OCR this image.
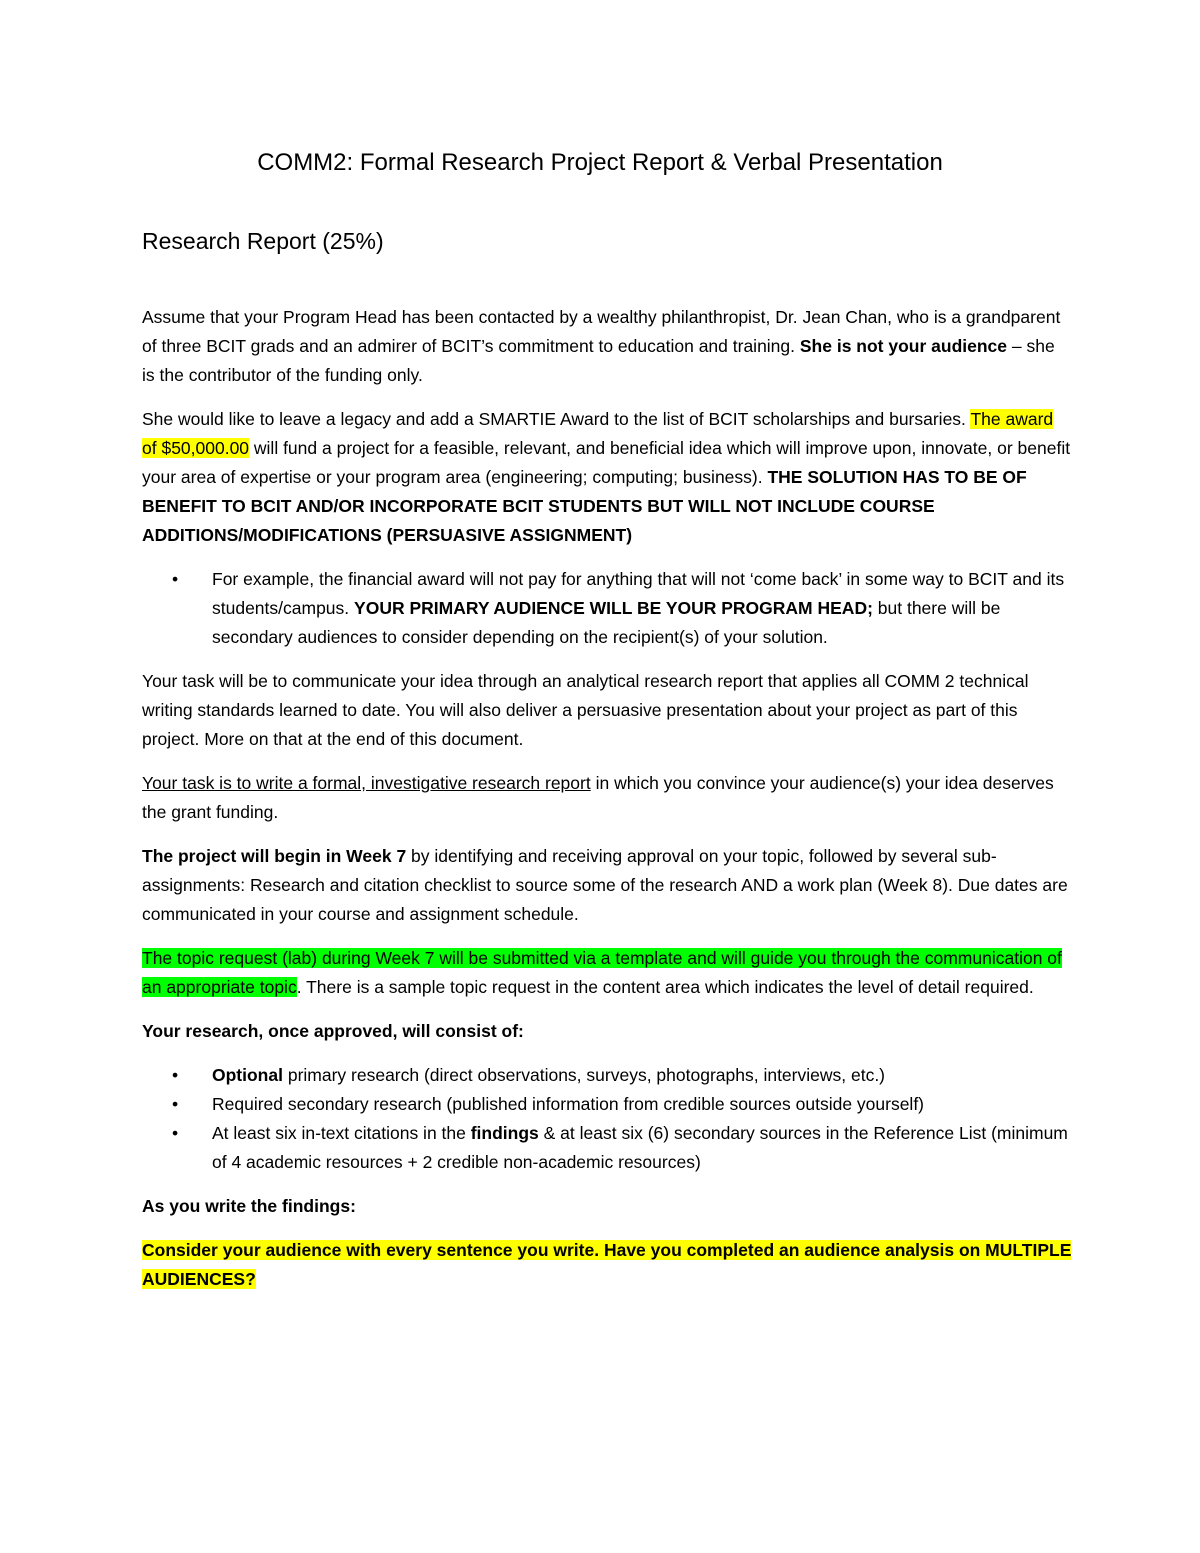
COMM2: Formal Research Project Report & Verbal Presentation
Research Report (25%)

Assume that your Program Head has been contacted by a wealthy philanthropist, Dr. Jean Chan, who is a grandparent of three BCIT grads and an admirer of BCIT’s commitment to education and training. She is not your audience – she is the contributor of the funding only.

She would like to leave a legacy and add a SMARTIE Award to the list of BCIT scholarships and bursaries. The award of $50,000.00 will fund a project for a feasible, relevant, and beneficial idea which will improve upon, innovate, or benefit your area of expertise or your program area (engineering; computing; business). THE SOLUTION HAS TO BE OF BENEFIT TO BCIT AND/OR INCORPORATE BCIT STUDENTS BUT WILL NOT INCLUDE COURSE ADDITIONS/MODIFICATIONS (PERSUASIVE ASSIGNMENT)

• For example, the financial award will not pay for anything that will not ‘come back’ in some way to BCIT and its students/campus. YOUR PRIMARY AUDIENCE WILL BE YOUR PROGRAM HEAD; but there will be secondary audiences to consider depending on the recipient(s) of your solution.

Your task will be to communicate your idea through an analytical research report that applies all COMM 2 technical writing standards learned to date. You will also deliver a persuasive presentation about your project as part of this project. More on that at the end of this document.

Your task is to write a formal, investigative research report in which you convince your audience(s) your idea deserves the grant funding.

The project will begin in Week 7 by identifying and receiving approval on your topic, followed by several sub-assignments: Research and citation checklist to source some of the research AND a work plan (Week 8). Due dates are communicated in your course and assignment schedule.

The topic request (lab) during Week 7 will be submitted via a template and will guide you through the communication of an appropriate topic. There is a sample topic request in the content area which indicates the level of detail required.

Your research, once approved, will consist of:

• Optional primary research (direct observations, surveys, photographs, interviews, etc.)
• Required secondary research (published information from credible sources outside yourself)
• At least six in-text citations in the findings & at least six (6) secondary sources in the Reference List (minimum of 4 academic resources + 2 credible non-academic resources)

As you write the findings:

Consider your audience with every sentence you write. Have you completed an audience analysis on MULTIPLE AUDIENCES?
